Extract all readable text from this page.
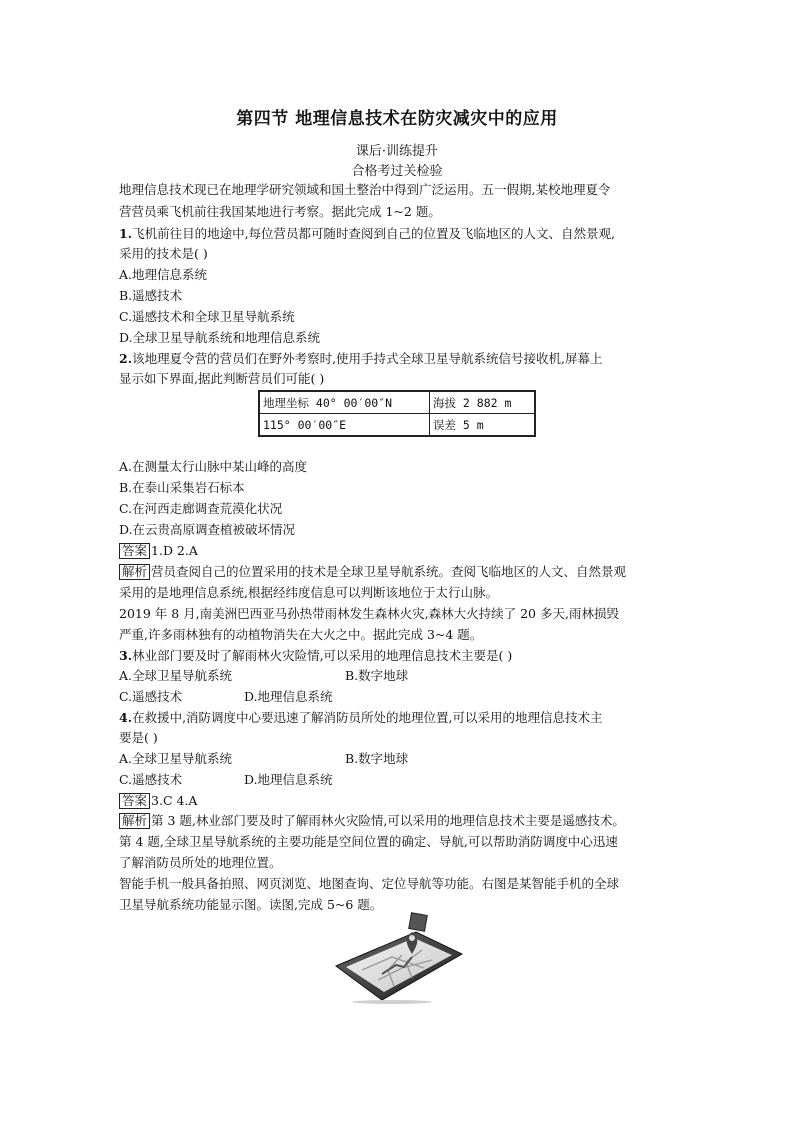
第四节 地理信息技术在防灾减灾中的应用
课后·训练提升
合格考过关检验
地理信息技术现已在地理学研究领域和国土整治中得到广泛运用。五一假期,某校地理夏令
营营员乘飞机前往我国某地进行考察。据此完成 1~2 题。
1.飞机前往目的地途中,每位营员都可随时查阅到自己的位置及飞临地区的人文、自然景观,
采用的技术是( )
A.地理信息系统
B.遥感技术
C.遥感技术和全球卫星导航系统
D.全球卫星导航系统和地理信息系统
2.该地理夏令营的营员们在野外考察时,使用手持式全球卫星导航系统信号接收机,屏幕上
显示如下界面,据此判断营员们可能( )
地理坐标 40° 00′00″N	海拔 2 882 m
115° 00′00″E	误差 5 m
A.在测量太行山脉中某山峰的高度
B.在泰山采集岩石标本
C.在河西走廊调查荒漠化状况
D.在云贵高原调查植被破坏情况
答案 1.D 2.A
解析 营员查阅自己的位置采用的技术是全球卫星导航系统。查阅飞临地区的人文、自然景观
采用的是地理信息系统,根据经纬度信息可以判断该地位于太行山脉。
2019 年 8 月,南美洲巴西亚马孙热带雨林发生森林火灾,森林大火持续了 20 多天,雨林损毁
严重,许多雨林独有的动植物消失在大火之中。据此完成 3~4 题。
3.林业部门要及时了解雨林火灾险情,可以采用的地理信息技术主要是( )
A.全球卫星导航系统	B.数字地球
C.遥感技术	D.地理信息系统
4.在救援中,消防调度中心要迅速了解消防员所处的地理位置,可以采用的地理信息技术主
要是( )
A.全球卫星导航系统	B.数字地球
C.遥感技术	D.地理信息系统
答案 3.C 4.A
解析 第 3 题,林业部门要及时了解雨林火灾险情,可以采用的地理信息技术主要是遥感技术。
第 4 题,全球卫星导航系统的主要功能是空间位置的确定、导航,可以帮助消防调度中心迅速
了解消防员所处的地理位置。
智能手机一般具备拍照、网页浏览、地图查询、定位导航等功能。右图是某智能手机的全球
卫星导航系统功能显示图。读图,完成 5~6 题。
